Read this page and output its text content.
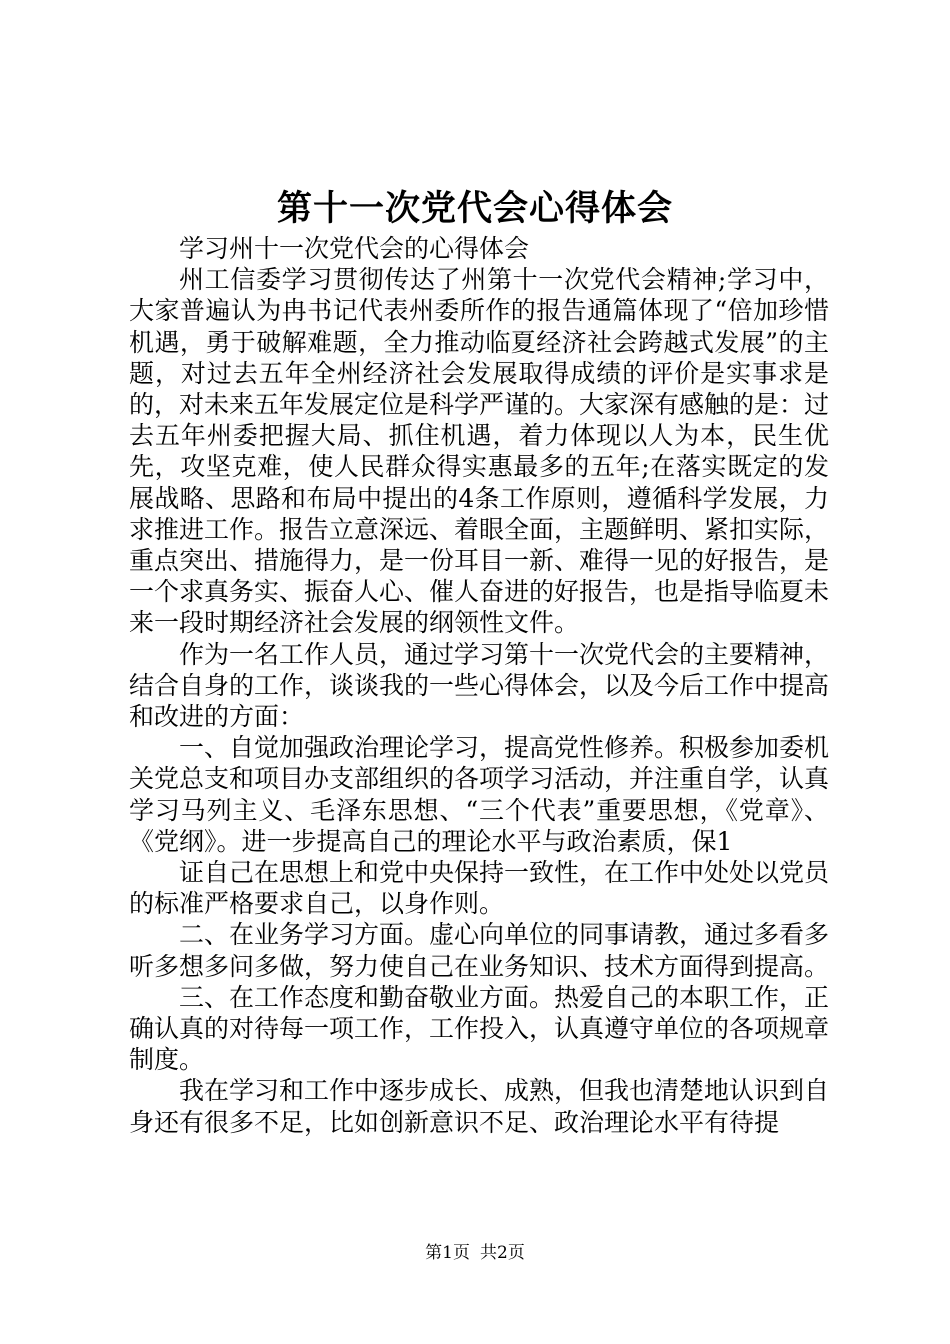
第十一次党代会心得体会

学习州十一次党代会的心得体会

州工信委学习贯彻传达了州第十一次党代会精神;学习中，大家普遍认为冉书记代表州委所作的报告通篇体现了“倍加珍惜机遇，勇于破解难题，全力推动临夏经济社会跨越式发展”的主题，对过去五年全州经济社会发展取得成绩的评价是实事求是的，对未来五年发展定位是科学严谨的。大家深有感触的是：过去五年州委把握大局、抓住机遇，着力体现以人为本，民生优先，攻坚克难，使人民群众得实惠最多的五年;在落实既定的发展战略、思路和布局中提出的4条工作原则，遵循科学发展，力求推进工作。报告立意深远、着眼全面，主题鲜明、紧扣实际，重点突出、措施得力，是一份耳目一新、难得一见的好报告，是一个求真务实、振奋人心、催人奋进的好报告，也是指导临夏未来一段时期经济社会发展的纲领性文件。

作为一名工作人员，通过学习第十一次党代会的主要精神，结合自身的工作，谈谈我的一些心得体会，以及今后工作中提高和改进的方面：

一、自觉加强政治理论学习，提高党性修养。积极参加委机关党总支和项目办支部组织的各项学习活动，并注重自学，认真学习马列主义、毛泽东思想、“三个代表”重要思想，《党章》、《党纲》。进一步提高自己的理论水平与政治素质，保1

证自己在思想上和党中央保持一致性，在工作中处处以党员的标准严格要求自己，以身作则。

二、在业务学习方面。虚心向单位的同事请教，通过多看多听多想多问多做，努力使自己在业务知识、技术方面得到提高。

三、在工作态度和勤奋敬业方面。热爱自己的本职工作，正确认真的对待每一项工作，工作投入，认真遵守单位的各项规章制度。

我在学习和工作中逐步成长、成熟，但我也清楚地认识到自身还有很多不足，比如创新意识不足、政治理论水平有待提

第1页 共2页
